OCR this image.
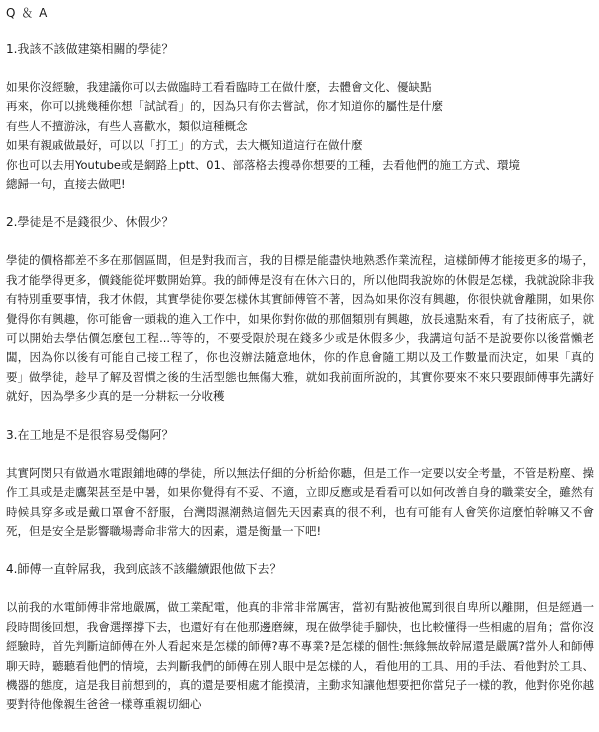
Q ＆ A

1.我該不該做建築相關的學徒？

如果你沒經驗，我建議你可以去做臨時工看看臨時工在做什麼，去體會文化、優缺點
再來，你可以挑幾種你想「試試看」的，因為只有你去嘗試，你才知道你的屬性是什麼
有些人不擅游泳，有些人喜歡水，類似這種概念
如果有親戚做最好，可以以「打工」的方式，去大概知道這行在做什麼
你也可以去用Youtube或是網路上ptt、01、部落格去搜尋你想要的工種，去看他們的施工方式、環境
總歸一句，直接去做吧!

2.學徒是不是錢很少、休假少？

學徒的價格都差不多在那個區間，但是對我而言，我的目標是能盡快地熟悉作業流程，這樣師傅才能接更多的場子，我才能學得更多，價錢能從坪數開始算。我的師傅是沒有在休六日的，所以他問我說妳的休假是怎樣，我就說除非我有特別重要事情，我才休假，其實學徒你要怎樣休其實師傅管不著，因為如果你沒有興趣，你很快就會離開，如果你覺得你有興趣，你可能會一頭栽的進入工作中，如果你對你做的那個類別有興趣，放長遠點來看，有了技術底子，就可以開始去學估價怎麼包工程...等等的，不要受限於現在錢多少或是休假多少，我講這句話不是說要你以後當懶老闆，因為你以後有可能自己接工程了，你也沒辦法隨意地休，你的作息會隨工期以及工作數量而決定，如果「真的要」做學徒，趁早了解及習慣之後的生活型態也無傷大雅，就如我前面所說的，其實你要來不來只要跟師傅事先講好就好，因為學多少真的是一分耕耘一分收穫

3.在工地是不是很容易受傷阿？

其實阿閔只有做過水電跟鋪地磚的學徒，所以無法仔細的分析給你聽，但是工作一定要以安全考量，不管是粉塵、操作工具或是走鷹架甚至是中暑，如果你覺得有不妥、不適，立即反應或是看看可以如何改善自身的職業安全，雖然有時候具穿多或是戴口罩會不舒服，台灣悶濕潮熱這個先天因素真的很不利，也有可能有人會笑你這麼怕幹嘛又不會死，但是安全是影響職場壽命非常大的因素，還是衡量一下吧!

4.師傅一直幹屌我，我到底該不該繼續跟他做下去？

以前我的水電師傅非常地嚴厲，做工業配電，他真的非常非常厲害，當初有點被他罵到很自卑所以離開，但是經過一段時間後回想，我會選擇撐下去，也還好有在他那邊磨練，現在做學徒手腳快，也比較懂得一些相處的眉角；當你沒經驗時，首先判斷這師傅在外人看起來是怎樣的師傅?專不專業?是怎樣的個性:無緣無故幹屌還是嚴厲?當外人和師傅聊天時，聽聽看他們的情境，去判斷我們的師傅在別人眼中是怎樣的人，看他用的工具、用的手法、看他對於工具、機器的態度，這是我目前想到的，真的還是要相處才能摸清，主動求知讓他想要把你當兒子一樣的教，他對你兇你越要對待他像親生爸爸一樣尊重親切細心
